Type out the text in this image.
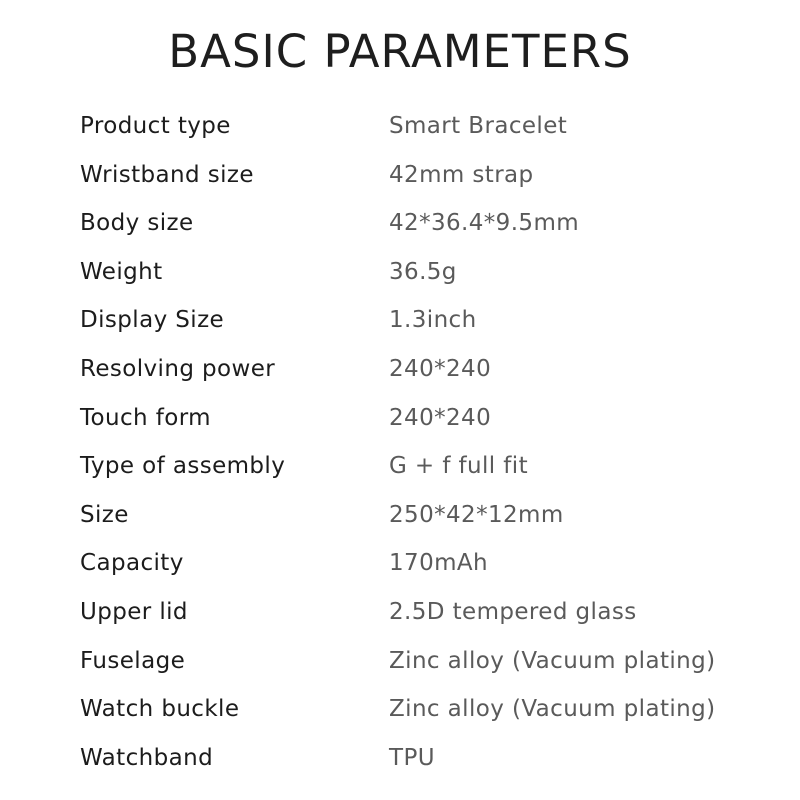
BASIC PARAMETERS
Product type	Smart Bracelet
Wristband size	42mm strap
Body size	42*36.4*9.5mm
Weight	36.5g
Display Size	1.3inch
Resolving power	240*240
Touch form	240*240
Type of assembly	G + f full fit
Size	250*42*12mm
Capacity	170mAh
Upper lid	2.5D tempered glass
Fuselage	Zinc alloy (Vacuum plating)
Watch buckle	Zinc alloy (Vacuum plating)
Watchband	TPU
